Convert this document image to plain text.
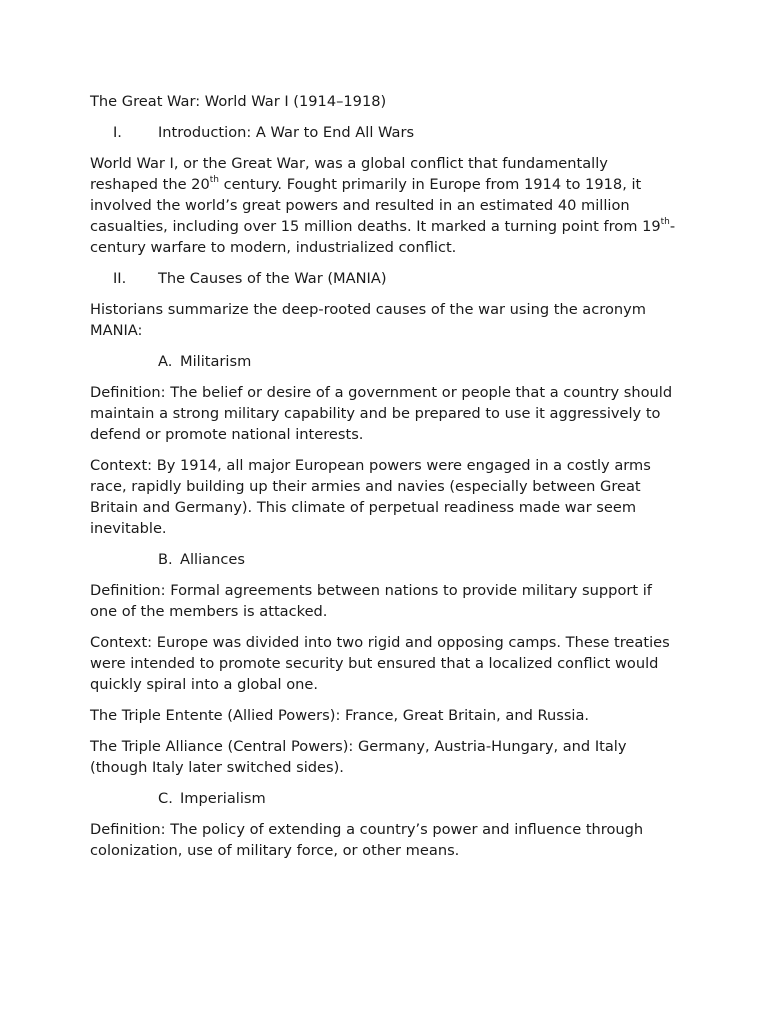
The Great War: World War I (1914–1918)

I.	Introduction: A War to End All Wars

World War I, or the Great War, was a global conflict that fundamentally reshaped the 20th century. Fought primarily in Europe from 1914 to 1918, it involved the world’s great powers and resulted in an estimated 40 million casualties, including over 15 million deaths. It marked a turning point from 19th-century warfare to modern, industrialized conflict.

II.	The Causes of the War (MANIA)

Historians summarize the deep-rooted causes of the war using the acronym MANIA:

A. Militarism

Definition: The belief or desire of a government or people that a country should maintain a strong military capability and be prepared to use it aggressively to defend or promote national interests.

Context: By 1914, all major European powers were engaged in a costly arms race, rapidly building up their armies and navies (especially between Great Britain and Germany). This climate of perpetual readiness made war seem inevitable.

B. Alliances

Definition: Formal agreements between nations to provide military support if one of the members is attacked.

Context: Europe was divided into two rigid and opposing camps. These treaties were intended to promote security but ensured that a localized conflict would quickly spiral into a global one.

The Triple Entente (Allied Powers): France, Great Britain, and Russia.

The Triple Alliance (Central Powers): Germany, Austria-Hungary, and Italy (though Italy later switched sides).

C. Imperialism

Definition: The policy of extending a country’s power and influence through colonization, use of military force, or other means.
